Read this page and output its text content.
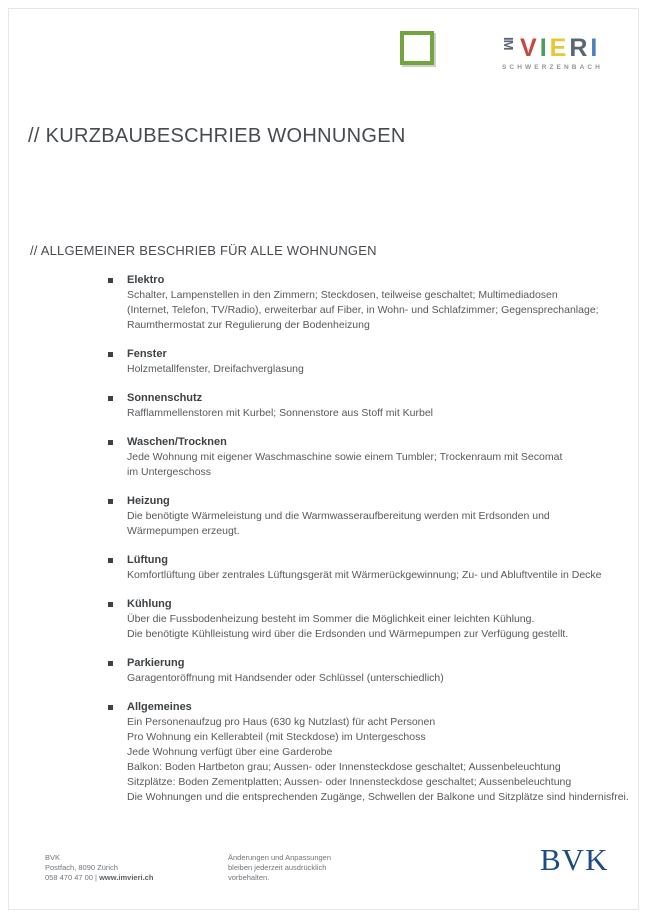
IM V I E R I
SCHWERZENBACH
// KURZBAUBESCHRIEB WOHNUNGEN
// ALLGEMEINER BESCHRIEB FÜR ALLE WOHNUNGEN
Elektro
Schalter, Lampenstellen in den Zimmern; Steckdosen, teilweise geschaltet; Multimediadosen
(Internet, Telefon, TV/Radio), erweiterbar auf Fiber, in Wohn- und Schlafzimmer; Gegensprechanlage;
Raumthermostat zur Regulierung der Bodenheizung
Fenster
Holzmetallfenster, Dreifachverglasung
Sonnenschutz
Rafflammellenstoren mit Kurbel; Sonnenstore aus Stoff mit Kurbel
Waschen/Trocknen
Jede Wohnung mit eigener Waschmaschine sowie einem Tumbler; Trockenraum mit Secomat
im Untergeschoss
Heizung
Die benötigte Wärmeleistung und die Warmwasseraufbereitung werden mit Erdsonden und
Wärmepumpen erzeugt.
Lüftung
Komfortlüftung über zentrales Lüftungsgerät mit Wärmerückgewinnung; Zu- und Abluftventile in Decke
Kühlung
Über die Fussbodenheizung besteht im Sommer die Möglichkeit einer leichten Kühlung.
Die benötigte Kühlleistung wird über die Erdsonden und Wärmepumpen zur Verfügung gestellt.
Parkierung
Garagentoröffnung mit Handsender oder Schlüssel (unterschiedlich)
Allgemeines
Ein Personenaufzug pro Haus (630 kg Nutzlast) für acht Personen
Pro Wohnung ein Kellerabteil (mit Steckdose) im Untergeschoss
Jede Wohnung verfügt über eine Garderobe
Balkon: Boden Hartbeton grau; Aussen- oder Innensteckdose geschaltet; Aussenbeleuchtung
Sitzplätze: Boden Zementplatten; Aussen- oder Innensteckdose geschaltet; Aussenbeleuchtung
Die Wohnungen und die entsprechenden Zugänge, Schwellen der Balkone und Sitzplätze sind hindernisfrei.
BVK
Postfach, 8090 Zürich
058 470 47 00 | www.imvieri.ch
Änderungen und Anpassungen
bleiben jederzeit ausdrücklich
vorbehalten.
BVK
